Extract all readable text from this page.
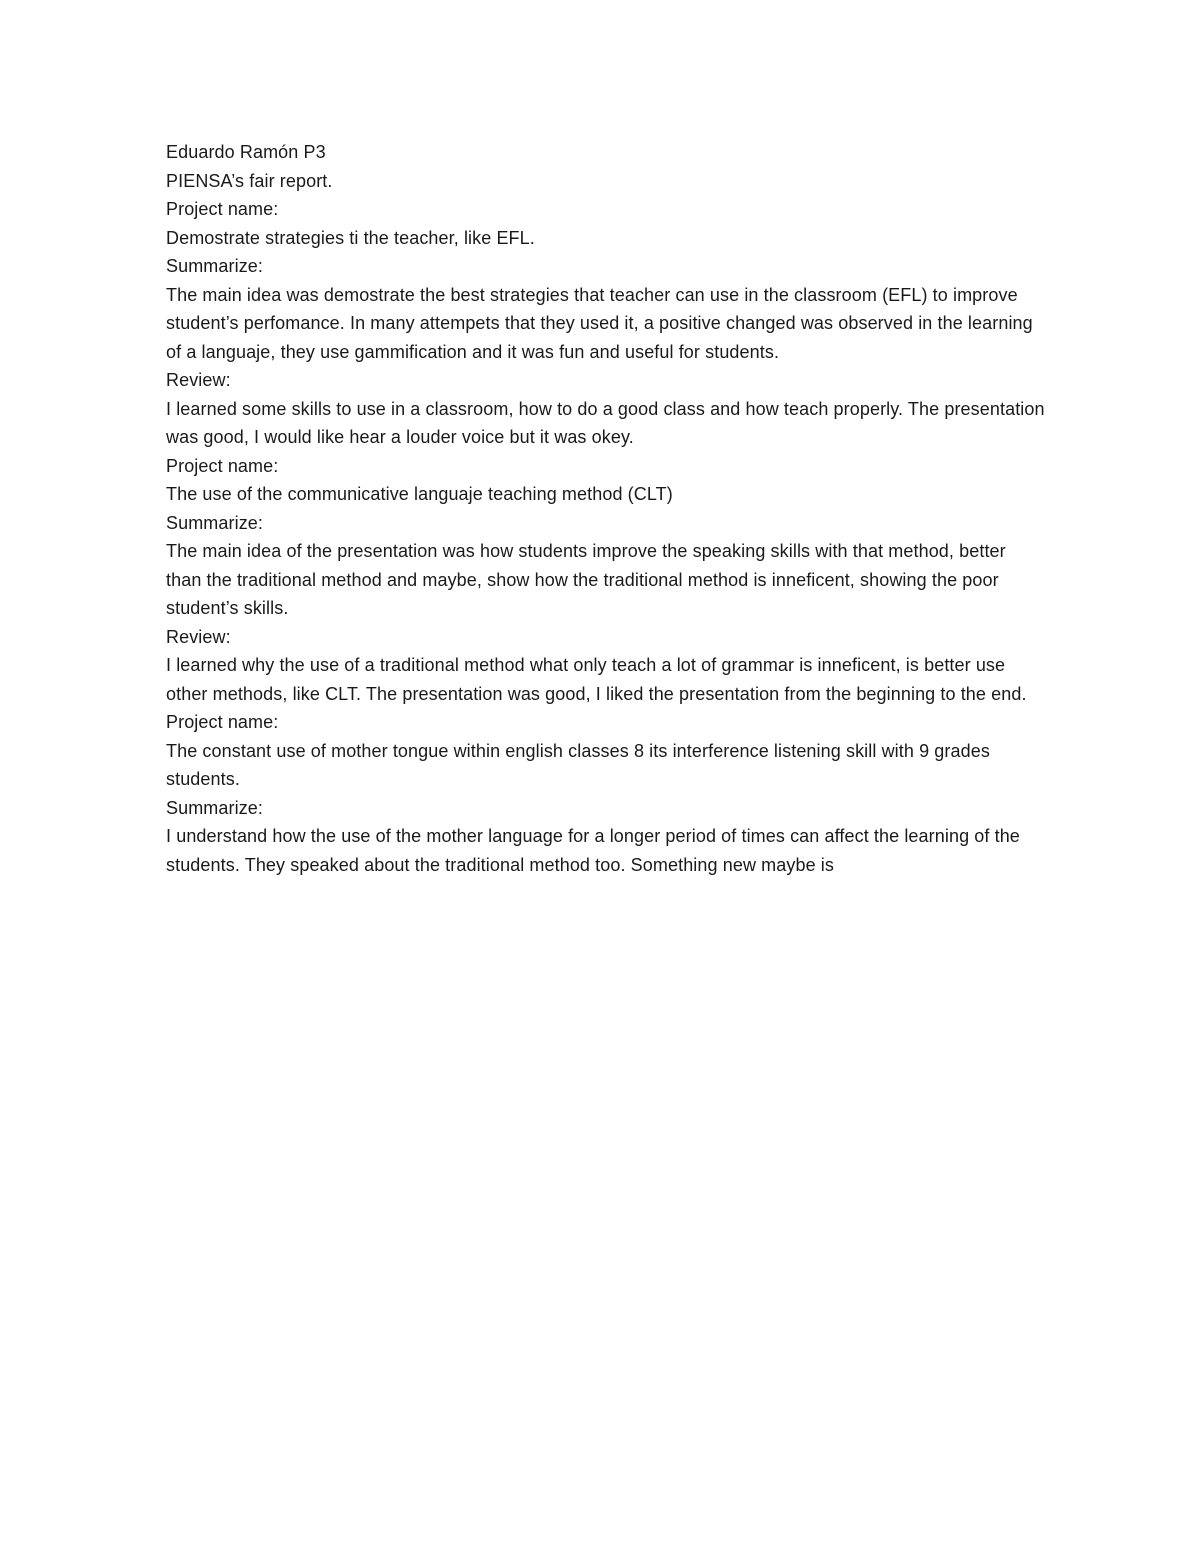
Eduardo Ramón P3

PIENSA’s fair report.

Project name:

Demostrate strategies ti the teacher, like EFL.

Summarize:

The main idea was demostrate the best strategies that teacher can use in the classroom (EFL) to improve student’s perfomance. In many attempets that they used it, a positive changed was observed in the learning of a languaje, they use gammification and it was fun and useful for students.

Review:

I learned some skills to use in a classroom, how to do a good class and how teach properly. The presentation was good, I would like hear a louder voice but it was okey.

Project name:

The use of the communicative languaje teaching method (CLT)

Summarize:

The main idea of the presentation was how students improve the speaking skills with that method, better than the traditional method and maybe, show how the traditional method is inneficent, showing the poor student’s skills.

Review:

I learned why the use of a traditional method what only teach a lot of grammar is inneficent, is better use other methods, like CLT. The presentation was good, I liked the presentation from the beginning to the end.

Project name:

The constant use of mother tongue within english classes 8 its interference listening skill with 9 grades students.

Summarize:

I understand how the use of the mother language for a longer period of times can affect the learning of the students. They speaked about the traditional method too. Something new maybe is
